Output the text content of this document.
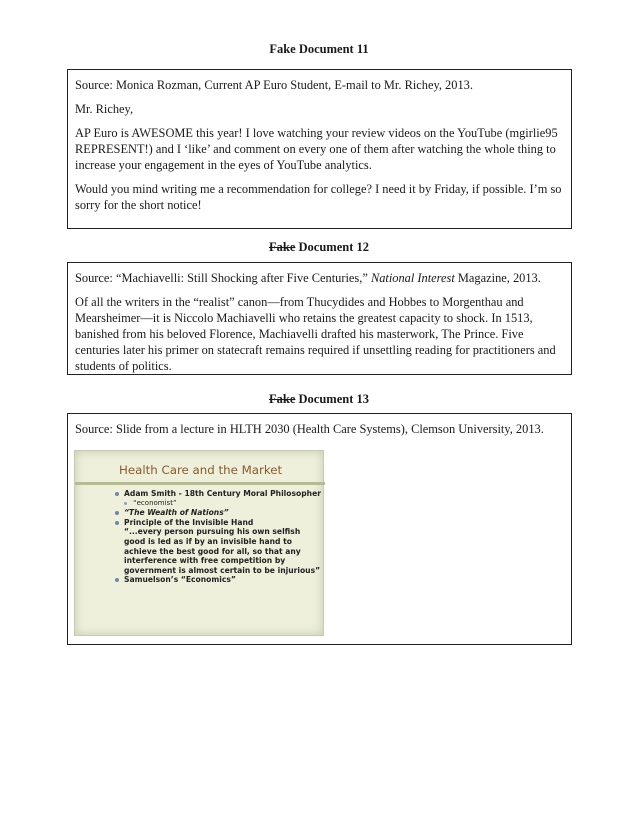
Fake Document 11

Source: Monica Rozman, Current AP Euro Student, E-mail to Mr. Richey, 2013.

Mr. Richey,

AP Euro is AWESOME this year! I love watching your review videos on the YouTube (mgirlie95 REPRESENT!) and I ‘like’ and comment on every one of them after watching the whole thing to increase your engagement in the eyes of YouTube analytics.

Would you mind writing me a recommendation for college? I need it by Friday, if possible. I’m so sorry for the short notice!

Fake Document 12

Source: “Machiavelli: Still Shocking after Five Centuries,” National Interest Magazine, 2013.

Of all the writers in the “realist” canon—from Thucydides and Hobbes to Morgenthau and Mearsheimer—it is Niccolo Machiavelli who retains the greatest capacity to shock. In 1513, banished from his beloved Florence, Machiavelli drafted his masterwork, The Prince. Five centuries later his primer on statecraft remains required if unsettling reading for practitioners and students of politics.

Fake Document 13

Source: Slide from a lecture in HLTH 2030 (Health Care Systems), Clemson University, 2013.

Health Care and the Market
Adam Smith - 18th Century Moral Philosopher
“economist”
“The Wealth of Nations”
Principle of the Invisible Hand
“...every person pursuing his own selfish good is led as if by an invisible hand to achieve the best good for all, so that any interference with free competition by government is almost certain to be injurious”
Samuelson’s “Economics”
